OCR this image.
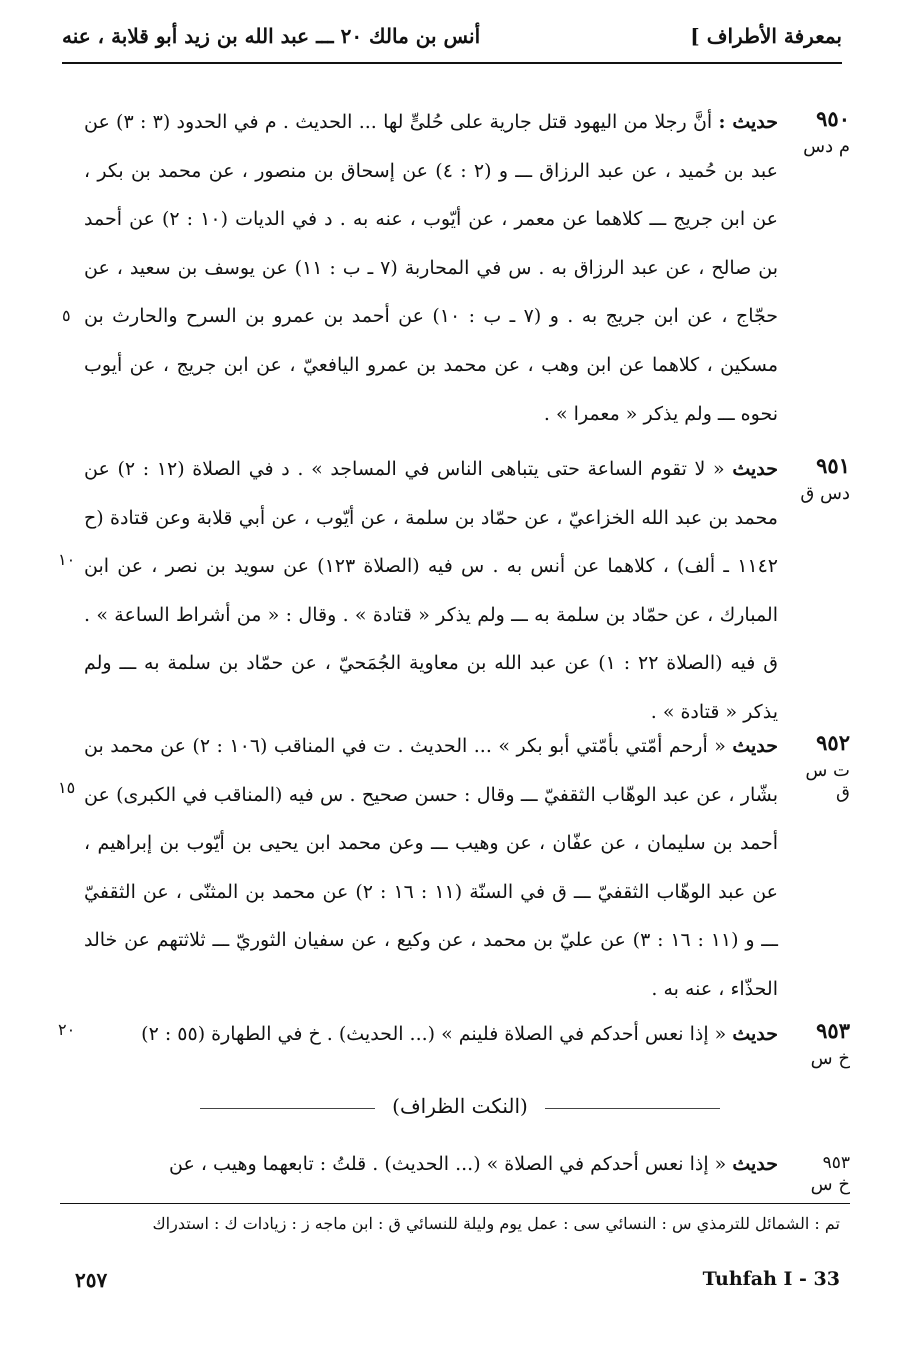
بمعرفة الأطراف ]
أنس بن مالك ٢٠ ـــ عبد الله بن زيد أبو قلابة ، عنه
٩٥٠
م دس
حديث : أنَّ رجلا من اليهود قتل جارية على حُلىٍّ لها ... الحديث . م في الحدود (٣ : ٣) عن عبد بن حُميد ، عن عبد الرزاق ـــ و (٢ : ٤) عن إسحاق بن منصور ، عن محمد بن بكر ، عن ابن جريج ـــ كلاهما عن معمر ، عن أيّوب ، عنه به . د في الديات (١٠ : ٢) عن أحمد بن صالح ، عن عبد الرزاق به . س في المحاربة (٧ ـ ب : ١١) عن يوسف بن سعيد ، عن حجّاج ، عن ابن جريج به . و (٧ ـ ب : ١٠) عن أحمد بن عمرو بن السرح والحارث بن مسكين ، كلاهما عن ابن وهب ، عن محمد بن عمرو اليافعيّ ، عن ابن جريج ، عن أيوب نحوه ـــ ولم يذكر « معمرا » .
٩٥١
دس ق
حديث « لا تقوم الساعة حتى يتباهى الناس في المساجد » . د في الصلاة (١٢ : ٢) عن محمد بن عبد الله الخزاعيّ ، عن حمّاد بن سلمة ، عن أيّوب ، عن أبي قلابة وعن قتادة (ح ١١٤٢ ـ ألف) ، كلاهما عن أنس به . س فيه (الصلاة ١٢٣) عن سويد بن نصر ، عن ابن المبارك ، عن حمّاد بن سلمة به ـــ ولم يذكر « قتادة » . وقال : « من أشراط الساعة » . ق فيه (الصلاة ٢٢ : ١) عن عبد الله بن معاوية الجُمَحيّ ، عن حمّاد بن سلمة به ـــ ولم يذكر « قتادة » .
٩٥٢
ت س ق
حديث « أرحم أمّتي بأمّتي أبو بكر » ... الحديث . ت في المناقب (١٠٦ : ٢) عن محمد بن بشّار ، عن عبد الوهّاب الثقفيّ ـــ وقال : حسن صحيح . س فيه (المناقب في الكبرى) عن أحمد بن سليمان ، عن عفّان ، عن وهيب ـــ وعن محمد ابن يحيى بن أيّوب بن إبراهيم ، عن عبد الوهّاب الثقفيّ ـــ ق في السنّة (١١ : ١٦ : ٢) عن محمد بن المثنّى ، عن الثقفيّ ـــ و (١١ : ١٦ : ٣) عن عليّ بن محمد ، عن وكيع ، عن سفيان الثوريّ ـــ ثلاثتهم عن خالد الحذّاء ، عنه به .
٩٥٣
خ س
حديث « إذا نعس أحدكم في الصلاة فلينم » (... الحديث) . خ في الطهارة (٥٥ : ٢)
٥
١٠
١٥
٢٠
(النكت الظراف)
٩٥٣
خ س
حديث « إذا نعس أحدكم في الصلاة » (... الحديث) . قلتُ : تابعهما وهيب ، عن
تم : الشمائل للترمذي س : النسائي سى : عمل يوم وليلة للنسائي ق : ابن ماجه ز : زيادات ك : استدراك
٢٥٧	Tuhfah I - 33
